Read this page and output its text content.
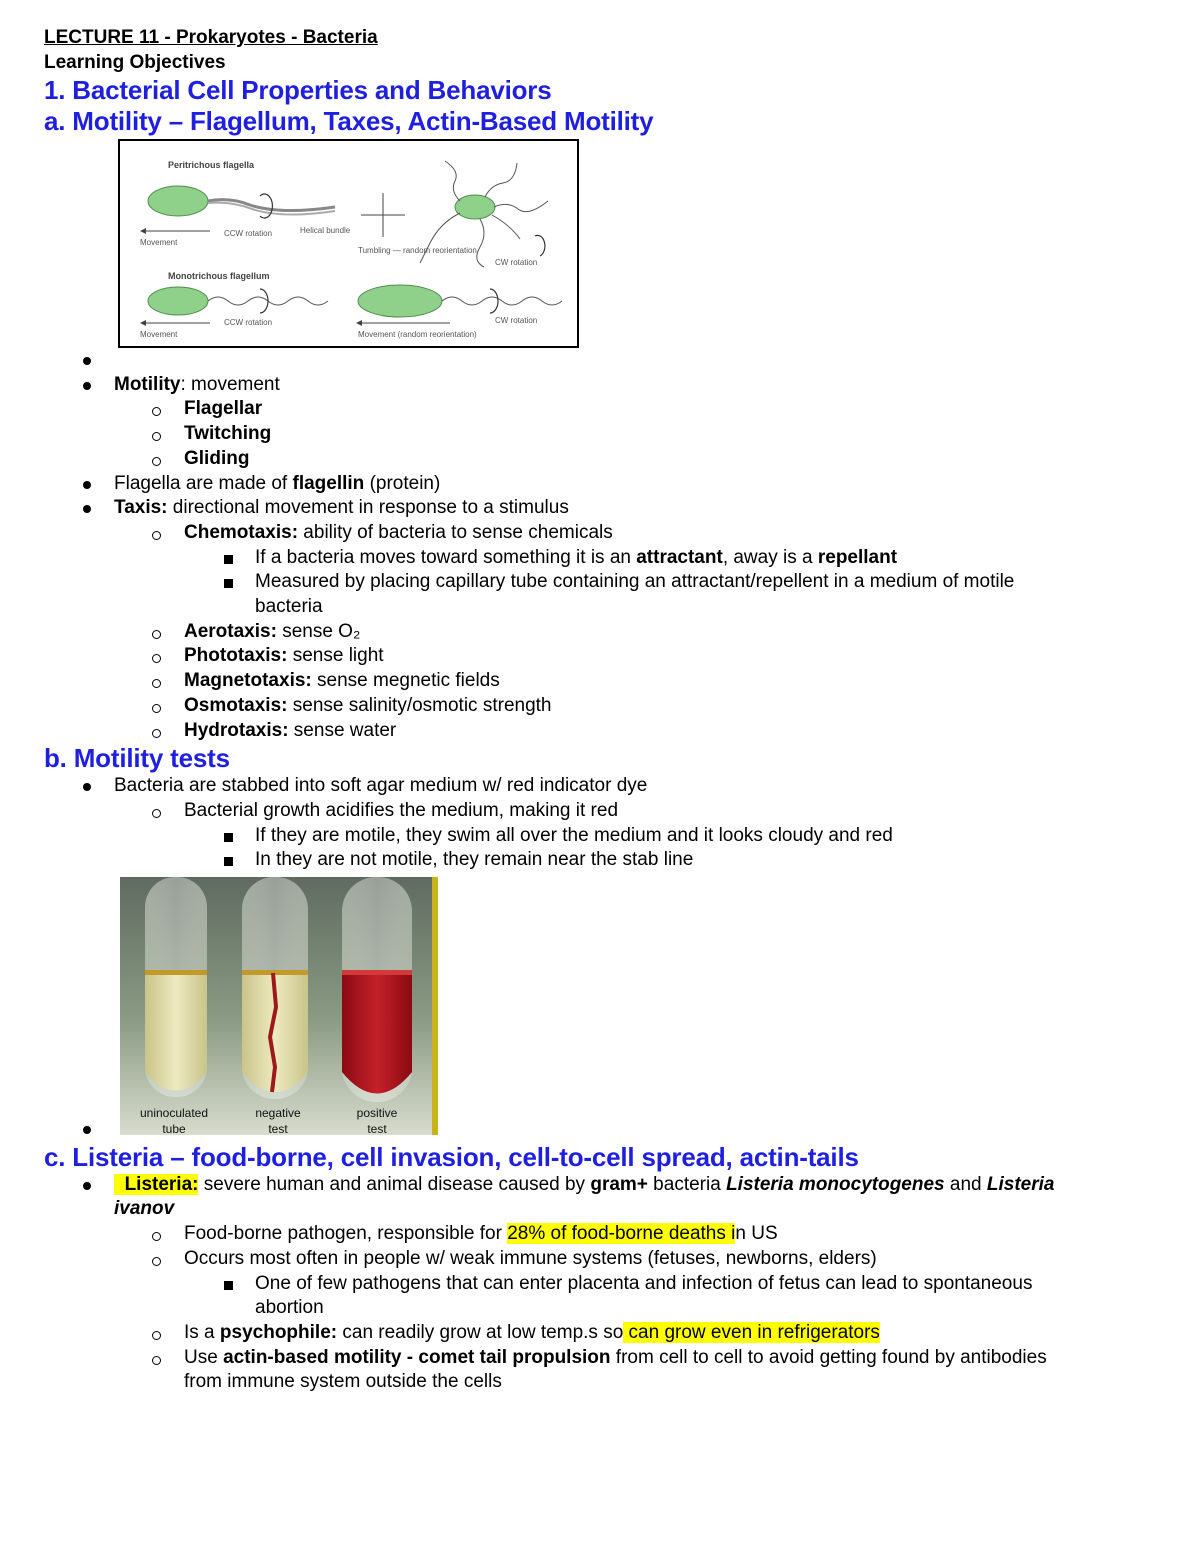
LECTURE 11 - Prokaryotes - Bacteria
Learning Objectives
1. Bacterial Cell Properties and Behaviors
a. Motility – Flagellum, Taxes, Actin-Based Motility
Peritrichous flagella
Movement
CCW rotation	Helical bundle
Tumbling — random reorientation
CW rotation
Monotrichous flagellum
Movement
CCW rotation	CW rotation
Movement (random reorientation)

Motility: movement
Flagellar
Twitching
Gliding
Flagella are made of flagellin (protein)
Taxis: directional movement in response to a stimulus
Chemotaxis: ability of bacteria to sense chemicals
If a bacteria moves toward something it is an attractant, away is a repellant
Measured by placing capillary tube containing an attractant/repellent in a medium of motile
bacteria
Aerotaxis: sense O₂
Phototaxis: sense light
Magnetotaxis: sense megnetic fields
Osmotaxis: sense salinity/osmotic strength
Hydrotaxis: sense water
b. Motility tests
Bacteria are stabbed into soft agar medium w/ red indicator dye
Bacterial growth acidifies the medium, making it red
If they are motile, they swim all over the medium and it looks cloudy and red
In they are not motile, they remain near the stab line
uninoculated
tube
negative
test
positive
test

c. Listeria – food-borne, cell invasion, cell-to-cell spread, actin-tails
Listeria: severe human and animal disease caused by gram+ bacteria Listeria monocytogenes and Listeria
ivanov
Food-borne pathogen, responsible for 28% of food-borne deaths in US
Occurs most often in people w/ weak immune systems (fetuses, newborns, elders)
One of few pathogens that can enter placenta and infection of fetus can lead to spontaneous
abortion
Is a psychophile: can readily grow at low temp.s so can grow even in refrigerators
Use actin-based motility - comet tail propulsion from cell to cell to avoid getting found by antibodies
from immune system outside the cells
